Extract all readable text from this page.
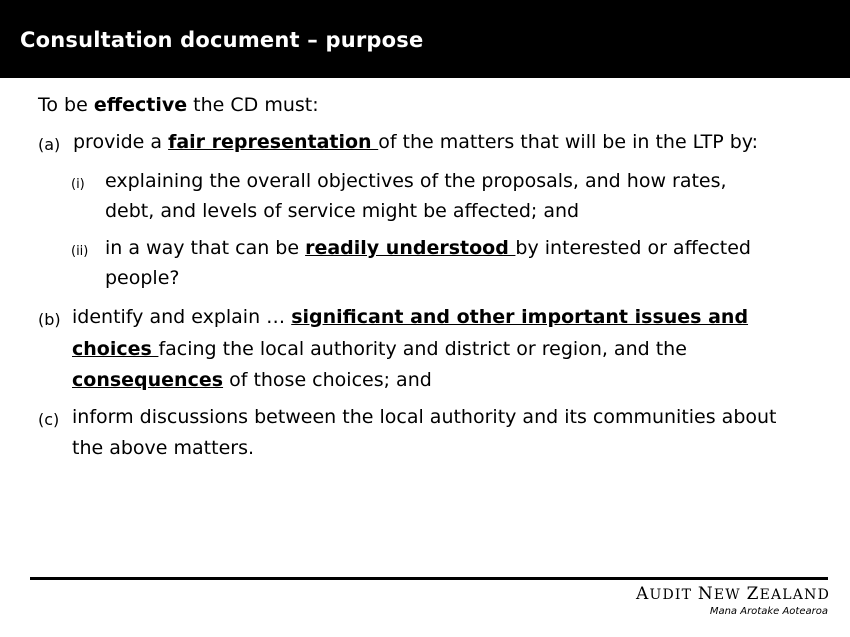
Consultation document – purpose
To be effective the CD must:
(a) provide a fair representation of the matters that will be in the LTP by:
(i) explaining the overall objectives of the proposals, and how rates,
debt, and levels of service might be affected; and
(ii) in a way that can be readily understood by interested or affected
people?
(b) identify and explain … significant and other important issues and
choices facing the local authority and district or region, and the
consequences of those choices; and
(c) inform discussions between the local authority and its communities about
the above matters.
AUDIT NEW ZEALAND
Mana Arotake Aotearoa
